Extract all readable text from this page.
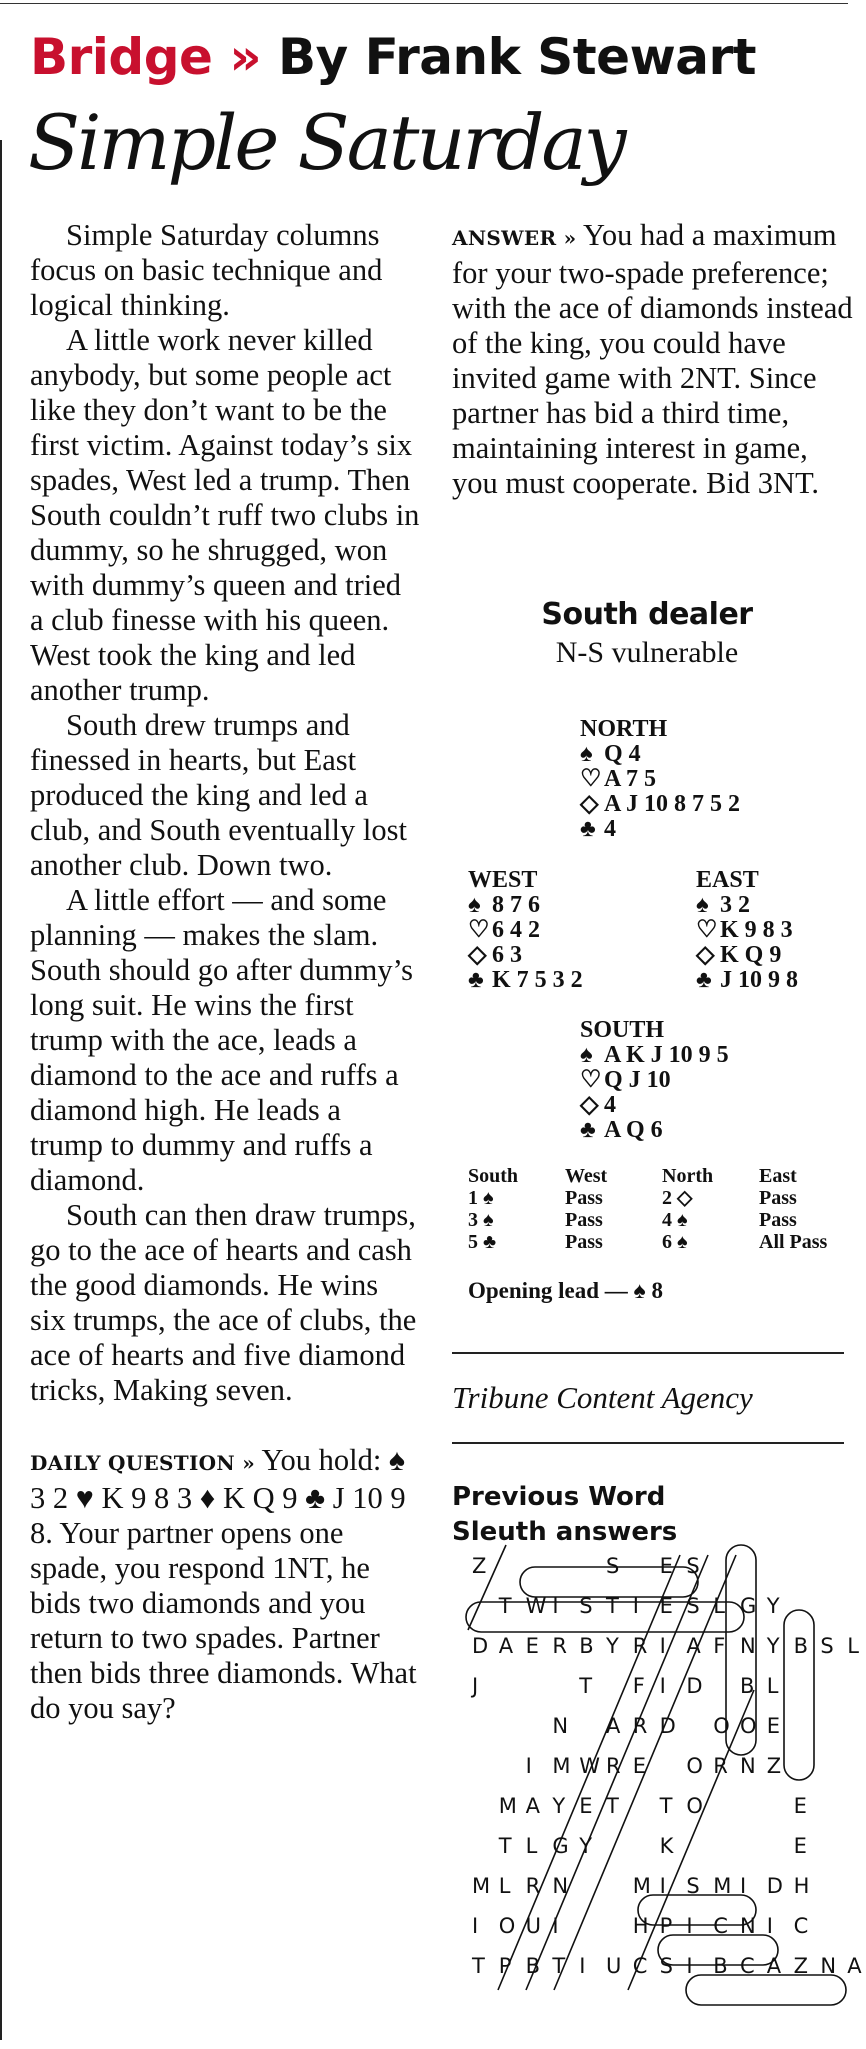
Bridge » By Frank Stewart
Simple Saturday

Simple Saturday columns focus on basic technique and logical thinking.

A little work never killed anybody, but some people act like they don’t want to be the first victim. Against today’s six spades, West led a trump. Then South couldn’t ruff two clubs in dummy, so he shrugged, won with dummy’s queen and tried a club finesse with his queen. West took the king and led another trump.

South drew trumps and finessed in hearts, but East produced the king and led a club, and South eventually lost another club. Down two.

A little effort — and some planning — makes the slam. South should go after dummy’s long suit. He wins the first trump with the ace, leads a diamond to the ace and ruffs a diamond high. He leads a trump to dummy and ruffs a diamond.

South can then draw trumps, go to the ace of hearts and cash the good diamonds. He wins six trumps, the ace of clubs, the ace of hearts and five diamond tricks, Making seven.

DAILY QUESTION » You hold: ♠ 3 2 ♥ K 9 8 3 ♦ K Q 9 ♣ J 10 9 8. Your partner opens one spade, you respond 1NT, he bids two diamonds and you return to two spades. Partner then bids three diamonds. What do you say?

ANSWER » You had a maximum for your two-spade preference; with the ace of diamonds instead of the king, you could have invited game with 2NT. Since partner has bid a third time, maintaining interest in game, you must cooperate. Bid 3NT.

South dealer
N-S vulnerable
NORTH
♠ Q 4
♡ A 7 5
◇ A J 10 8 7 5 2
♣ 4
WEST
♠ 8 7 6
♡ 6 4 2
◇ 6 3
♣ K 7 5 3 2
EAST
♠ 3 2
♡ K 9 8 3
◇ K Q 9
♣ J 10 9 8
SOUTH
♠ A K J 10 9 5
♡ Q J 10
◇ 4
♣ A Q 6
South	West	North	East
1 ♠	Pass	2 ◇	Pass
3 ♠	Pass	4 ♠	Pass
5 ♣	Pass	6 ♠	All Pass
Opening lead — ♠ 8
Tribune Content Agency
Previous Word
Sleuth answers
Z	S E S
T W I S T I E S L G Y
D A E R B Y R I A F N Y B S L
J	T F I D B L
N A R D O O E
I M W R E O R N Z
M A Y E T T O	E
T L G Y	K	E
M L R N	M I S M I D H
I O U I	H P I C N I C
T P B T I U C S I B C A Z N A
